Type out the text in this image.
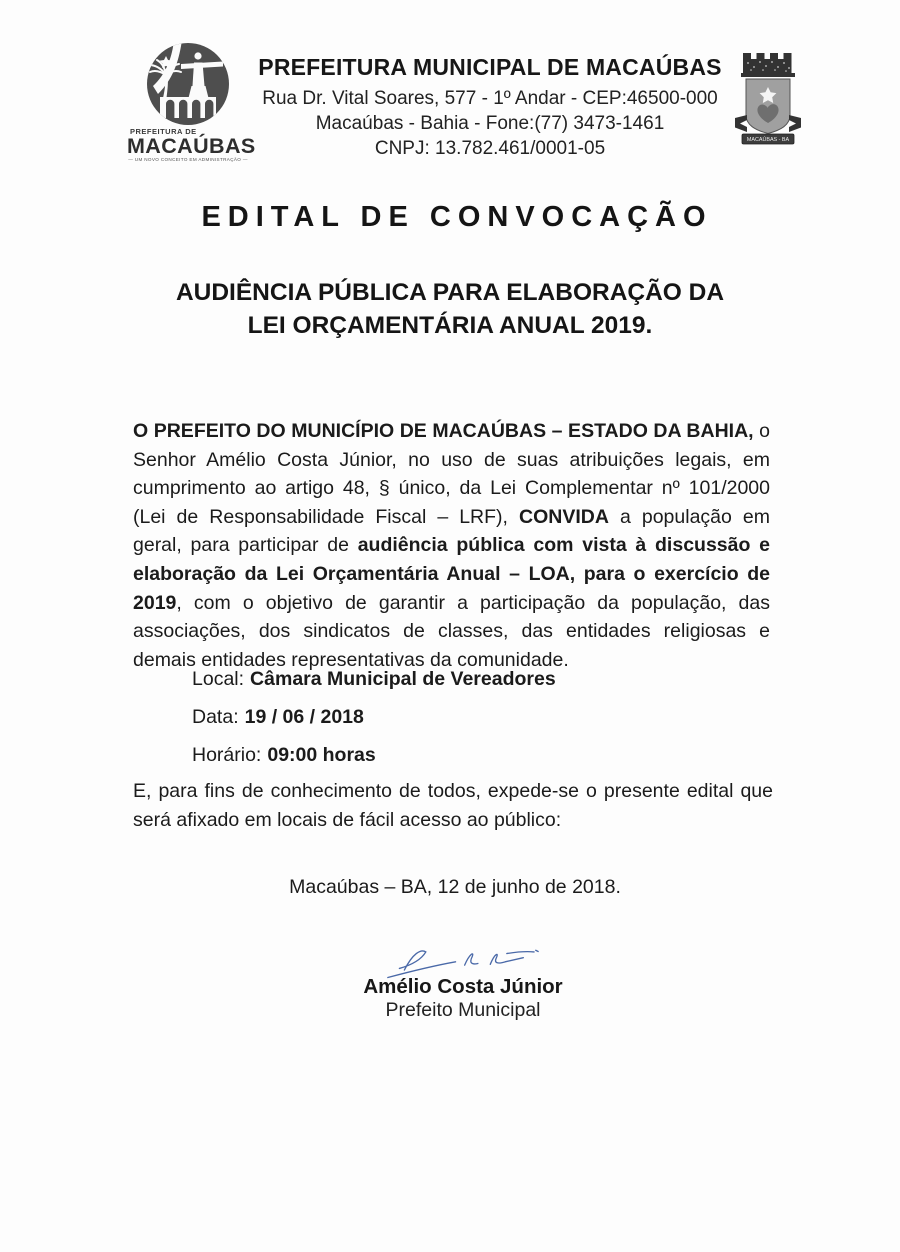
PREFEITURA DE
MACAÚBAS
— UM NOVO CONCEITO EM ADMINISTRAÇÃO —
PREFEITURA MUNICIPAL DE MACAÚBAS
Rua Dr. Vital Soares, 577 - 1º Andar - CEP:46500-000
Macaúbas - Bahia - Fone:(77) 3473-1461
CNPJ: 13.782.461/0001-05	MACAÚBAS - BA
EDITAL DE CONVOCAÇÃO
AUDIÊNCIA PÚBLICA PARA ELABORAÇÃO DA
LEI ORÇAMENTÁRIA ANUAL 2019.
O PREFEITO DO MUNICÍPIO DE MACAÚBAS – ESTADO DA BAHIA, o Senhor Amélio Costa Júnior, no uso de suas atribuições legais, em cumprimento ao artigo 48, § único, da Lei Complementar nº 101/2000 (Lei de Responsabilidade Fiscal – LRF), CONVIDA a população em geral, para participar de audiência pública com vista à discussão e elaboração da Lei Orçamentária Anual – LOA, para o exercício de 2019, com o objetivo de garantir a participação da população, das associações, dos sindicatos de classes, das entidades religiosas e demais entidades representativas da comunidade.
Local: Câmara Municipal de Vereadores
Data: 19 / 06 / 2018
Horário: 09:00 horas
E, para fins de conhecimento de todos, expede-se o presente edital que será afixado em locais de fácil acesso ao público:
Macaúbas – BA, 12 de junho de 2018.
Amélio Costa Júnior
Prefeito Municipal
